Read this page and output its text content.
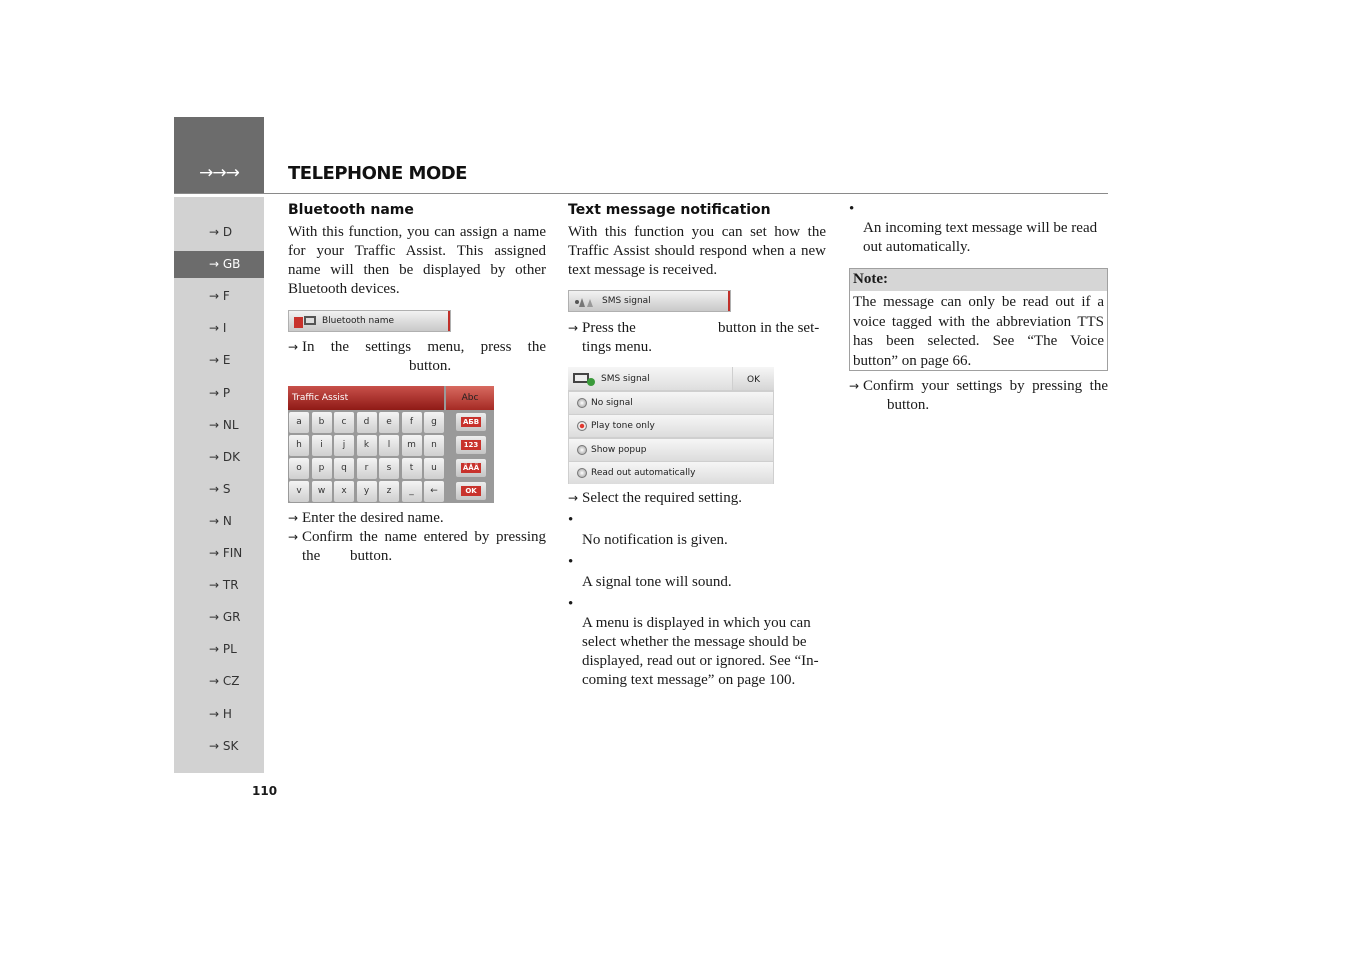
→→→	TELEPHONE MODE
→ D
→ GB
→ F
→ I
→ E
→ P
→ NL
→ DK
→ S
→ N
→ FIN
→ TR
→ GR
→ PL
→ CZ
→ H
→ SK
110
Bluetooth name

With this function, you can assign a name for your Traffic Assist. This assigned name will then be displayed by other Bluetooth devices.

Bluetooth name
→ In the settings menu, press the
button.
Traffic Assist	Abc
a	b	c	d	e	f	g
h	i	j	k	l	m	n
o	p	q	r	s	t	u
v	w	x	y	z	_	←
АБВ
123
ÄÅÄ
OK
→ Enter the desired name.
→ Confirm the name entered by pressing
the button.
Text message notification

With this function you can set how the Traffic Assist should respond when a new text message is received.

SMS signal
→ Press the	button in the set-
tings menu.
SMS signal	OK
No signal
Play tone only
Show popup
Read out automatically
→ Select the required setting.
•
No notification is given.
•
A signal tone will sound.
•
A menu is displayed in which you can
select whether the message should be
displayed, read out or ignored. See “In-
coming text message” on page 100.
•
An incoming text message will be read
out automatically.
Note:
The message can only be read out if a voice tagged with the abbreviation TTS has been selected. See “The Voice button” on page 66.
→ Confirm your settings by pressing the
button.
